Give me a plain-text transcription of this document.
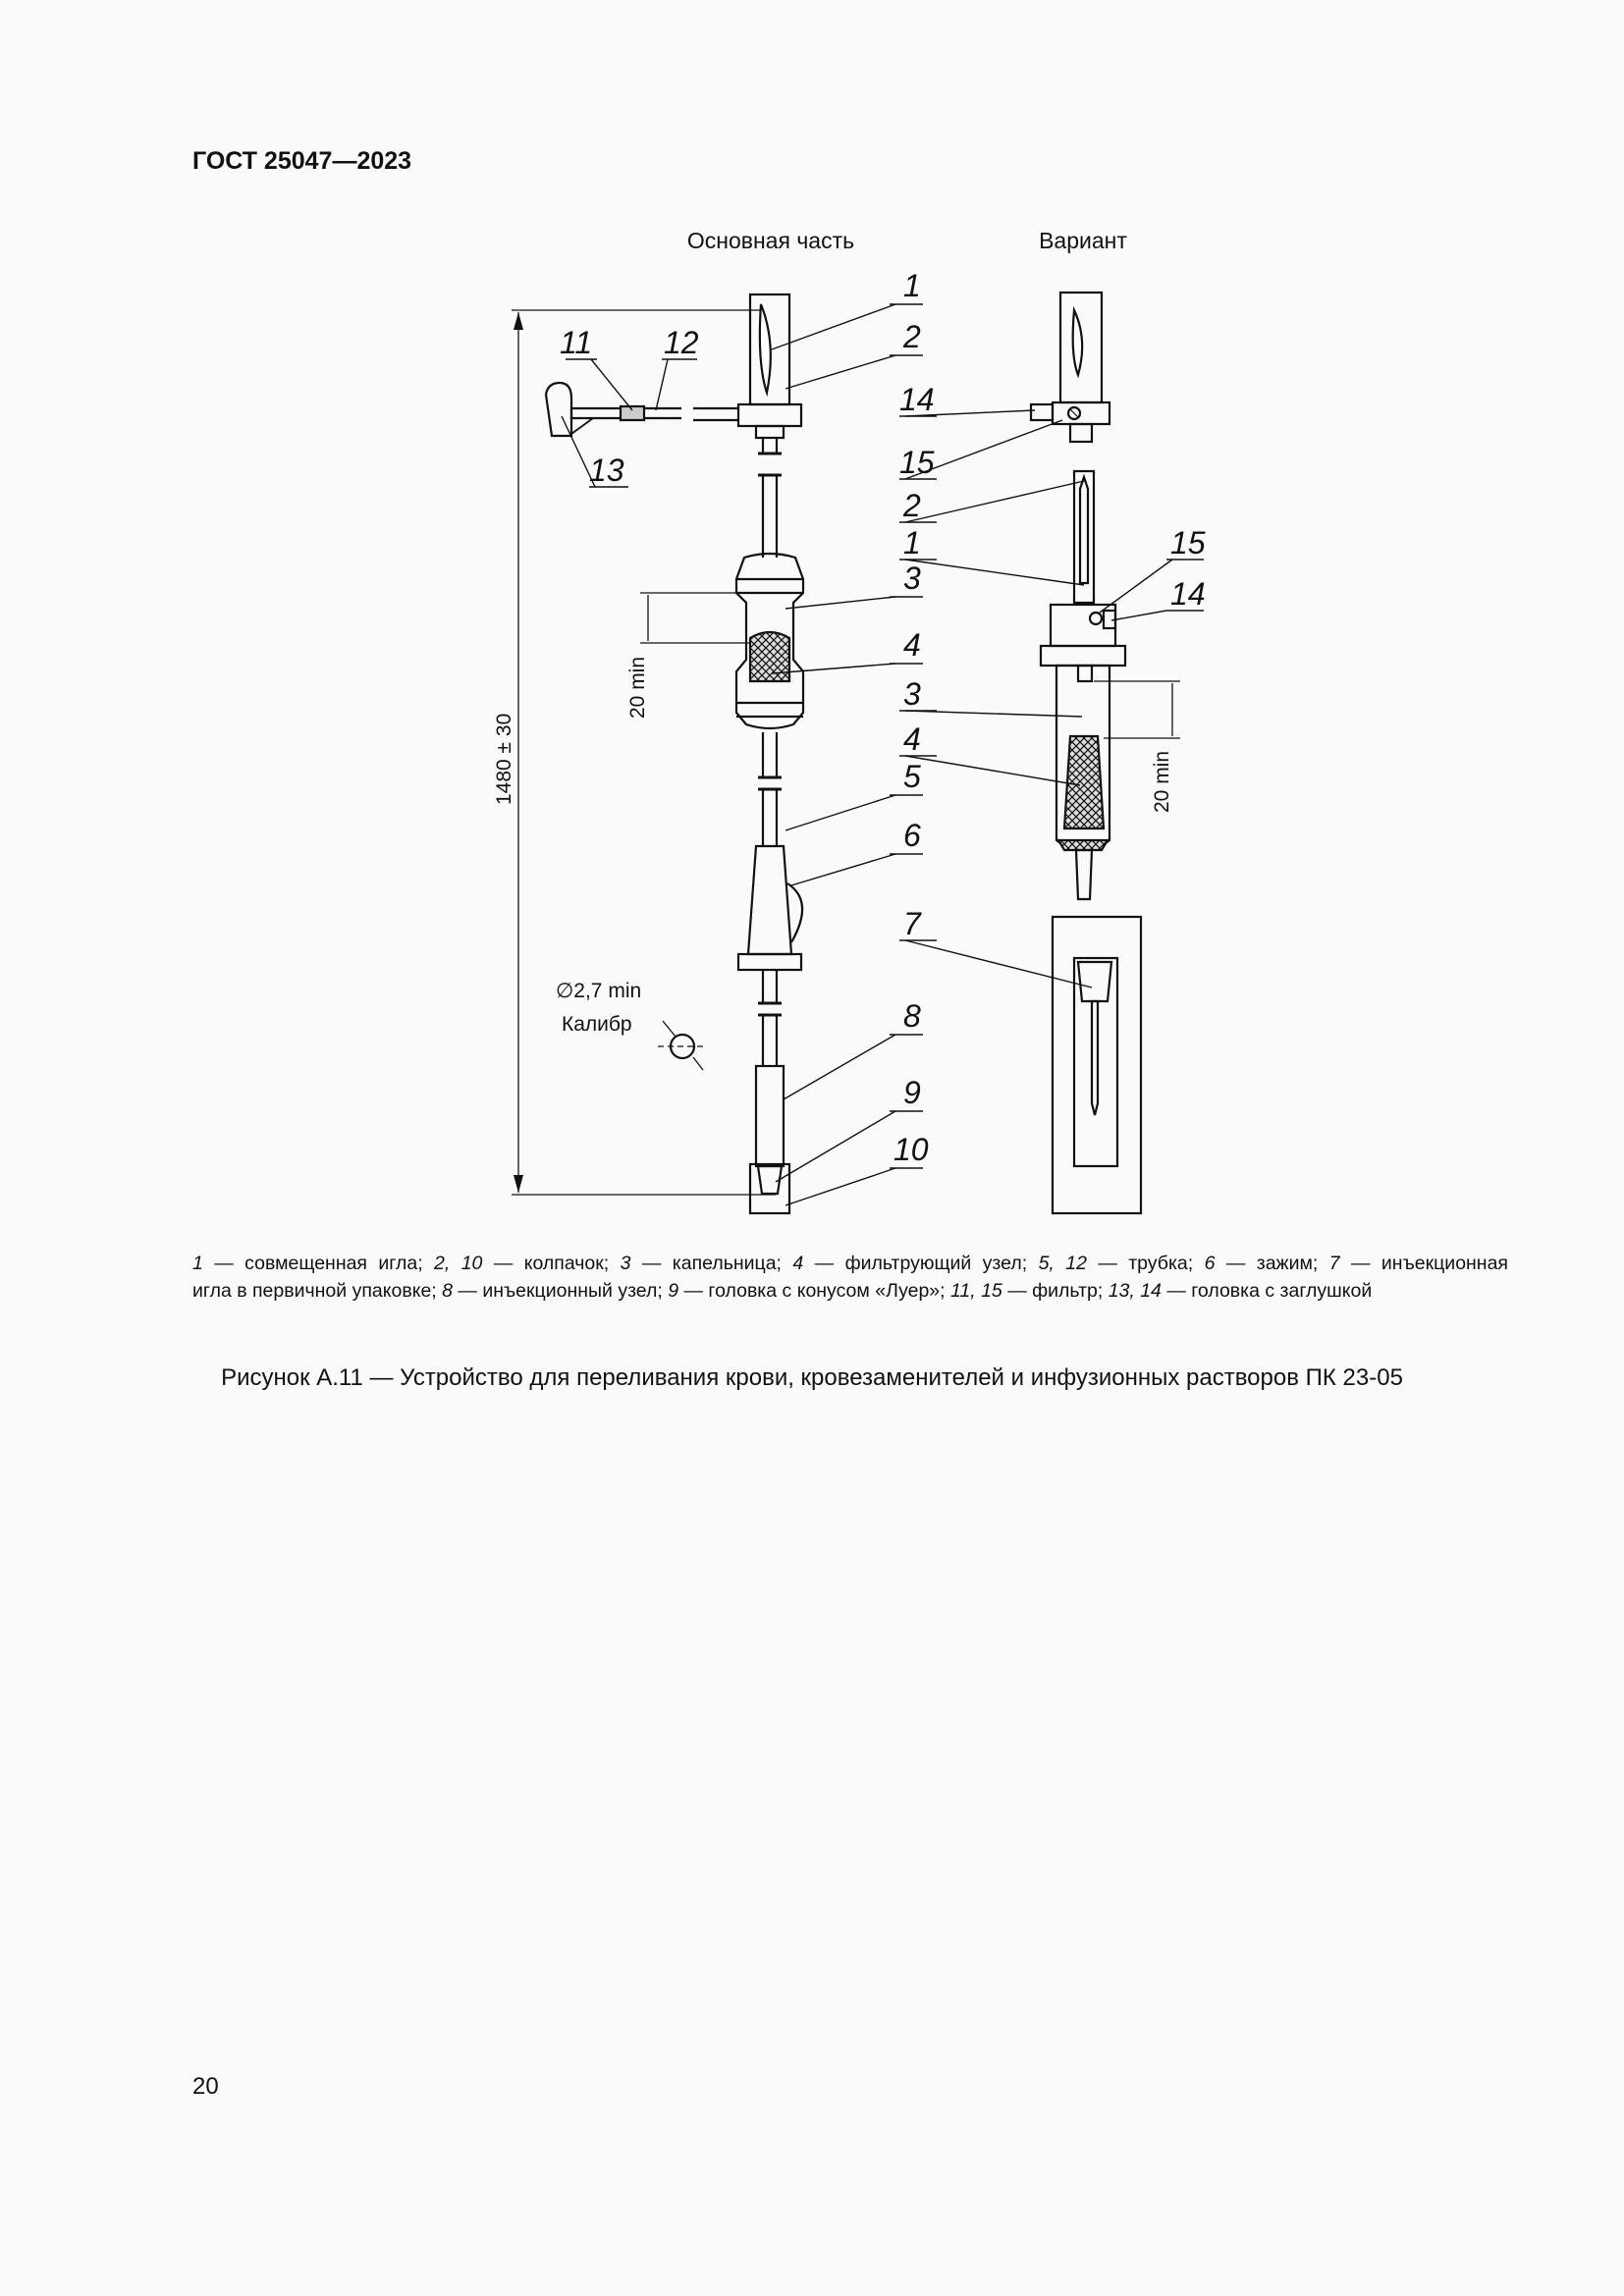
ГОСТ 25047—2023
Основная часть	Вариант
1
2
3
4
5
6
8
9
10
11 12
13
1480 ± 30
20 min
∅2,7 min
Калибр
14
15
2
1	15
14
3
4
7
20 min
1 — совмещенная игла; 2, 10 — колпачок; 3 — капельница; 4 — фильтрующий узел; 5, 12 — трубка; 6 — зажим; 7 — инъекционная
игла в первичной упаковке; 8 — инъекционный узел; 9 — головка с конусом «Луер»; 11, 15 — фильтр; 13, 14 — головка с заглушкой
Рисунок А.11 — Устройство для переливания крови, кровезаменителей и инфузионных растворов ПК 23-05
20
